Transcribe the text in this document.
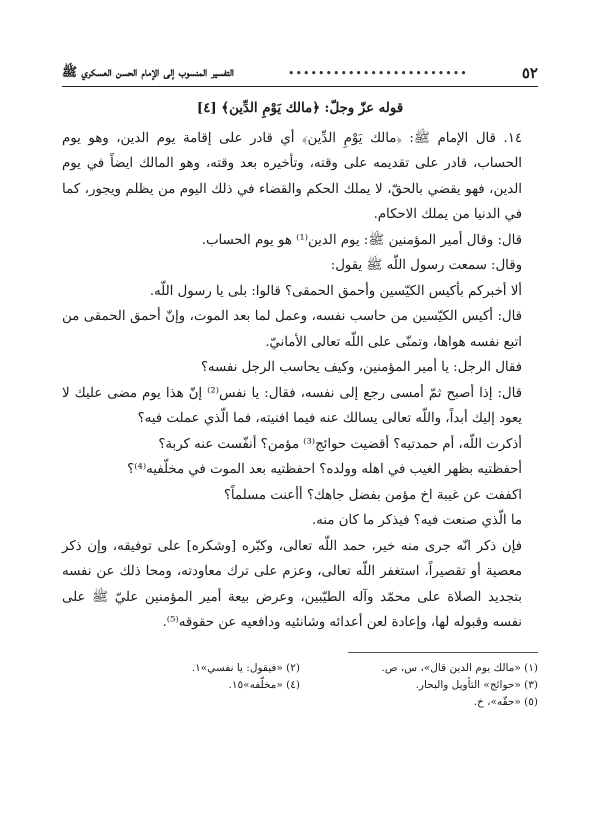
٥٢
••••••••••••••••••••••••
التفسير المنسوب إلى الإمام الحسن العسكري ﷺ

قوله عزّ وجلّ: ﴿مالك يَوْمِ الدِّين﴾ [٤]

١٤. قال الإمام ﷺ: ﴿مالك يَوْمِ الدِّين﴾ أي قادر على إقامة يوم الدين، وهو يوم الحساب، قادر على تقديمه على وقته، وتأخيره بعد وقته، وهو المالك ايضاً في يوم الدين، فهو يقضي بالحقّ، لا يملك الحكم والقضاء في ذلك اليوم من يظلم ويجور، كما في الدنيا من يملك الاحكام.

قال: وقال أمير المؤمنين ﷺ: يوم الدين⁽¹⁾ هو يوم الحساب.

وقال: سمعت رسول اللّه ﷺ يقول:

ألا أخبركم بأكيس الكيّسين وأحمق الحمقى؟ قالوا: بلى يا رسول اللّه.

قال: أكيس الكيّسين من حاسب نفسه، وعمل لما بعد الموت، وإنّ أحمق الحمقى من اتبع نفسه هواها، وتمنّى على اللّه تعالى الأمانيّ.

فقال الرجل: يا أمير المؤمنين، وكيف يحاسب الرجل نفسه؟

قال: إذا أصبح ثمّ أمسى رجع إلى نفسه، فقال: يا نفس⁽²⁾ إنّ هذا يوم مضى عليك لا يعود إليك أبداً، واللّه تعالى يسالك عنه فيما افنيته، فما الّذي عملت فيه؟

أذكرت اللّه، أم حمدتيه؟ أقضيت حوائج⁽³⁾ مؤمن؟ أنفّست عنه كربة؟

أحفظتيه بظهر الغيب في اهله وولده؟ احفظتيه بعد الموت في مخلّفيه⁽⁴⁾؟

اكففت عن غيبة اخ مؤمن بفضل جاهك؟ أأعنت مسلماً؟

ما الّذي صنعت فيه؟ فيذكر ما كان منه.

فإن ذكر انّه جرى منه خير، حمد اللّه تعالى، وكبّره [وشكره] على توفيقه، وإن ذكر معصية أو تقصيراً، استغفر اللّه تعالى، وعزم على ترك معاودته، ومحا ذلك عن نفسه بتجديد الصلاة على محمّد وآله الطيّبين، وعرض بيعة أمير المؤمنين عليّ ﷺ على نفسه وقبوله لها، وإعادة لعن أعدائه وشانئيه ودافعيه عن حقوقه⁽⁵⁾.

(١) «مالك يوم الدين قال»، س، ص.
(٢) «فيقول: يا نفسي»١.
(٣) «حوائج» التأويل والبحار.
(٤) «مخلّفه»١٥.
(٥) «حقّه»، خ.
